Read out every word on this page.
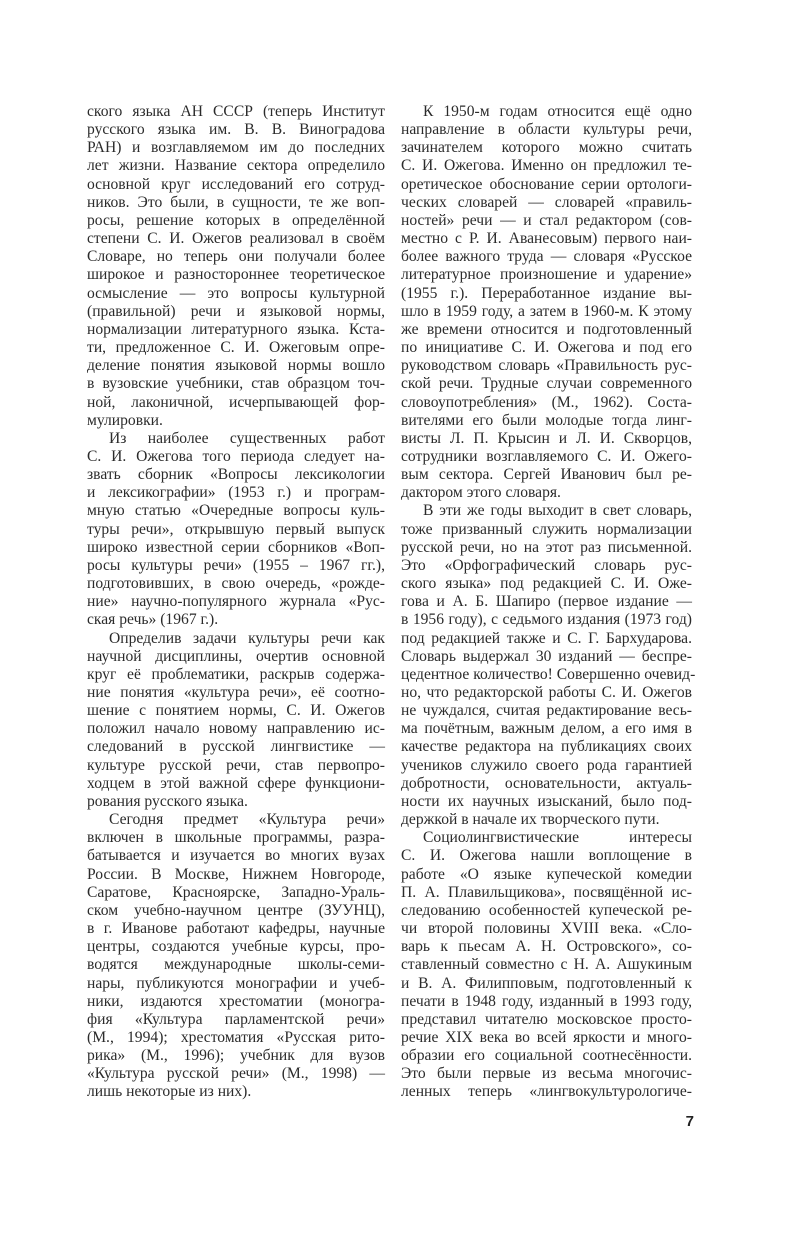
ского языка АН СССР (теперь Институт
русского языка им. В. В. Виноградова
РАН) и возглавляемом им до последних
лет жизни. Название сектора определило
основной круг исследований его сотруд-
ников. Это были, в сущности, те же воп-
росы, решение которых в определённой
степени С. И. Ожегов реализовал в своём
Словаре, но теперь они получали более
широкое и разностороннее теоретическое
осмысление — это вопросы культурной
(правильной) речи и языковой нормы,
нормализации литературного языка. Кста-
ти, предложенное С. И. Ожеговым опре-
деление понятия языковой нормы вошло
в вузовские учебники, став образцом точ-
ной, лаконичной, исчерпывающей фор-
мулировки.
Из наиболее существенных работ
С. И. Ожегова того периода следует на-
звать сборник «Вопросы лексикологии
и лексикографии» (1953 г.) и програм-
мную статью «Очередные вопросы куль-
туры речи», открывшую первый выпуск
широко известной серии сборников «Воп-
росы культуры речи» (1955 – 1967 гг.),
подготовивших, в свою очередь, «рожде-
ние» научно-популярного журнала «Рус-
ская речь» (1967 г.).
Определив задачи культуры речи как
научной дисциплины, очертив основной
круг её проблематики, раскрыв содержа-
ние понятия «культура речи», её соотно-
шение с понятием нормы, С. И. Ожегов
положил начало новому направлению ис-
следований в русской лингвистике —
культуре русской речи, став первопро-
ходцем в этой важной сфере функциони-
рования русского языка.
Сегодня предмет «Культура речи»
включен в школьные программы, разра-
батывается и изучается во многих вузах
России. В Москве, Нижнем Новгороде,
Саратове, Красноярске, Западно-Ураль-
ском учебно-научном центре (ЗУУНЦ),
в г. Иванове работают кафедры, научные
центры, создаются учебные курсы, про-
водятся международные школы-семи-
нары, публикуются монографии и учеб-
ники, издаются хрестоматии (моногра-
фия «Культура парламентской речи»
(М., 1994); хрестоматия «Русская рито-
рика» (М., 1996); учебник для вузов
«Культура русской речи» (М., 1998) —
лишь некоторые из них).
К 1950-м годам относится ещё одно
направление в области культуры речи,
зачинателем которого можно считать
С. И. Ожегова. Именно он предложил те-
оретическое обоснование серии ортологи-
ческих словарей — словарей «правиль-
ностей» речи — и стал редактором (сов-
местно с Р. И. Аванесовым) первого наи-
более важного труда — словаря «Русское
литературное произношение и ударение»
(1955 г.). Переработанное издание вы-
шло в 1959 году, а затем в 1960-м. К этому
же времени относится и подготовленный
по инициативе С. И. Ожегова и под его
руководством словарь «Правильность рус-
ской речи. Трудные случаи современного
словоупотребления» (М., 1962). Соста-
вителями его были молодые тогда линг-
висты Л. П. Крысин и Л. И. Скворцов,
сотрудники возглавляемого С. И. Ожего-
вым сектора. Сергей Иванович был ре-
дактором этого словаря.
В эти же годы выходит в свет словарь,
тоже призванный служить нормализации
русской речи, но на этот раз письменной.
Это «Орфографический словарь рус-
ского языка» под редакцией С. И. Оже-
гова и А. Б. Шапиро (первое издание —
в 1956 году), с седьмого издания (1973 год)
под редакцией также и С. Г. Бархударова.
Словарь выдержал 30 изданий — беспре-
цедентное количество! Совершенно очевид-
но, что редакторской работы С. И. Ожегов
не чуждался, считая редактирование весь-
ма почётным, важным делом, а его имя в
качестве редактора на публикациях своих
учеников служило своего рода гарантией
добротности, основательности, актуаль-
ности их научных изысканий, было под-
держкой в начале их творческого пути.
Социолингвистические интересы
С. И. Ожегова нашли воплощение в
работе «О языке купеческой комедии
П. А. Плавильщикова», посвящённой ис-
следованию особенностей купеческой ре-
чи второй половины XVIII века. «Сло-
варь к пьесам А. Н. Островского», со-
ставленный совместно с Н. А. Ашукиным
и В. А. Филипповым, подготовленный к
печати в 1948 году, изданный в 1993 году,
представил читателю московское просто-
речие XIX века во всей яркости и много-
образии его социальной соотнесённости.
Это были первые из весьма многочис-
ленных теперь «лингвокультурологиче-
7
